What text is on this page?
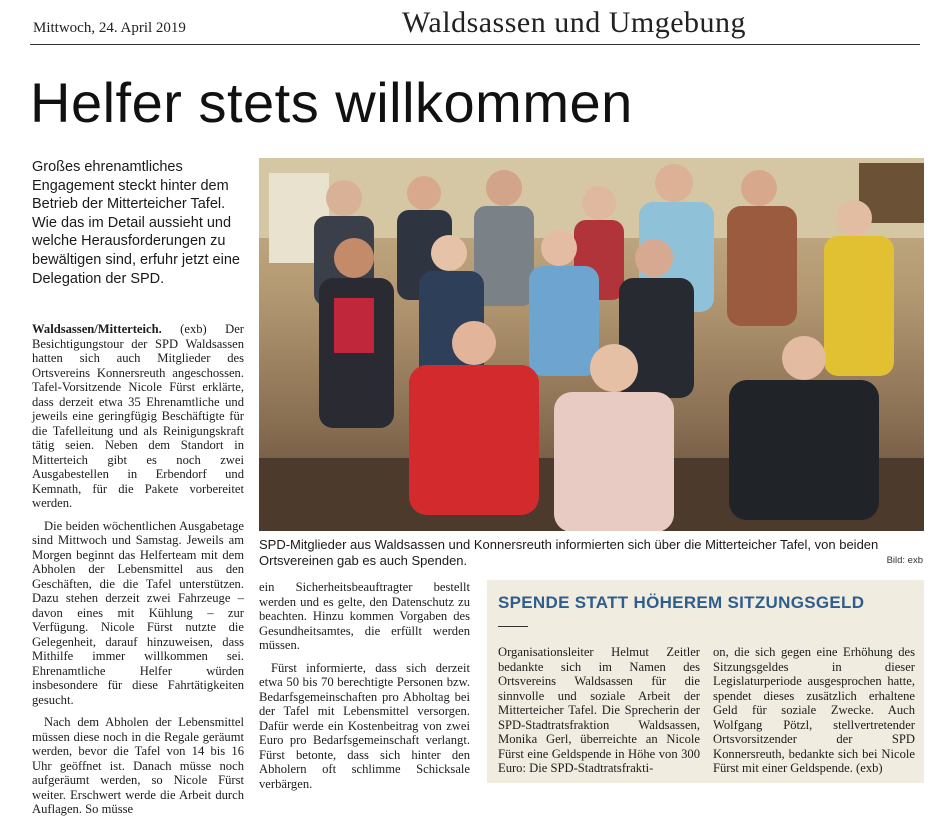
Mittwoch, 24. April 2019	Waldsassen und Umgebung
Helfer stets willkommen
Großes ehrenamtliches Engagement steckt hinter dem Betrieb der Mitterteicher Tafel. Wie das im Detail aussieht und welche Herausforderungen zu bewältigen sind, erfuhr jetzt eine Delegation der SPD.

Waldsassen/Mitterteich. (exb) Der Besichtigungstour der SPD Waldsassen hatten sich auch Mitglieder des Ortsvereins Konnersreuth angeschossen. Tafel-Vorsitzende Nicole Fürst erklärte, dass derzeit etwa 35 Ehrenamtliche und jeweils eine geringfügig Beschäftigte für die Tafelleitung und als Reinigungskraft tätig seien. Neben dem Standort in Mitterteich gibt es noch zwei Ausgabestellen in Erbendorf und Kemnath, für die Pakete vorbereitet werden.

Die beiden wöchentlichen Ausgabetage sind Mittwoch und Samstag. Jeweils am Morgen beginnt das Helferteam mit dem Abholen der Lebensmittel aus den Geschäften, die die Tafel unterstützen. Dazu stehen derzeit zwei Fahrzeuge – davon eines mit Kühlung – zur Verfügung. Nicole Fürst nutzte die Gelegenheit, darauf hinzuweisen, dass Mithilfe immer willkommen sei. Ehrenamtliche Helfer würden insbesondere für diese Fahrtätigkeiten gesucht.

Nach dem Abholen der Lebensmittel müssen diese noch in die Regale geräumt werden, bevor die Tafel von 14 bis 16 Uhr geöffnet ist. Danach müsse noch aufgeräumt werden, so Nicole Fürst weiter. Erschwert werde die Arbeit durch Auflagen. So müsse

SPD-Mitglieder aus Waldsassen und Konnersreuth informierten sich über die Mitterteicher Tafel, von beiden Ortsvereinen gab es auch Spenden.	Bild: exb

ein Sicherheitsbeauftragter bestellt werden und es gelte, den Datenschutz zu beachten. Hinzu kommen Vorgaben des Gesundheitsamtes, die erfüllt werden müssen.

Fürst informierte, dass sich derzeit etwa 50 bis 70 berechtigte Personen bzw. Bedarfsgemeinschaften pro Abholtag bei der Tafel mit Lebensmittel versorgen. Dafür werde ein Kostenbeitrag von zwei Euro pro Bedarfsgemeinschaft verlangt. Fürst betonte, dass sich hinter den Abholern oft schlimme Schicksale verbärgen.

SPENDE STATT HÖHEREM SITZUNGSGELD
Organisationsleiter Helmut Zeitler bedankte sich im Namen des Ortsvereins Waldsassen für die sinnvolle und soziale Arbeit der Mitterteicher Tafel. Die Sprecherin der SPD-Stadtratsfraktion Waldsassen, Monika Gerl, überreichte an Nicole Fürst eine Geldspende in Höhe von 300 Euro: Die SPD-Stadtratsfrakti-
on, die sich gegen eine Erhöhung des Sitzungsgeldes in dieser Legislaturperiode ausgesprochen hatte, spendet dieses zusätzlich erhaltene Geld für soziale Zwecke. Auch Wolfgang Pötzl, stellvertretender Ortsvorsitzender der SPD Konnersreuth, bedankte sich bei Nicole Fürst mit einer Geldspende. (exb)
